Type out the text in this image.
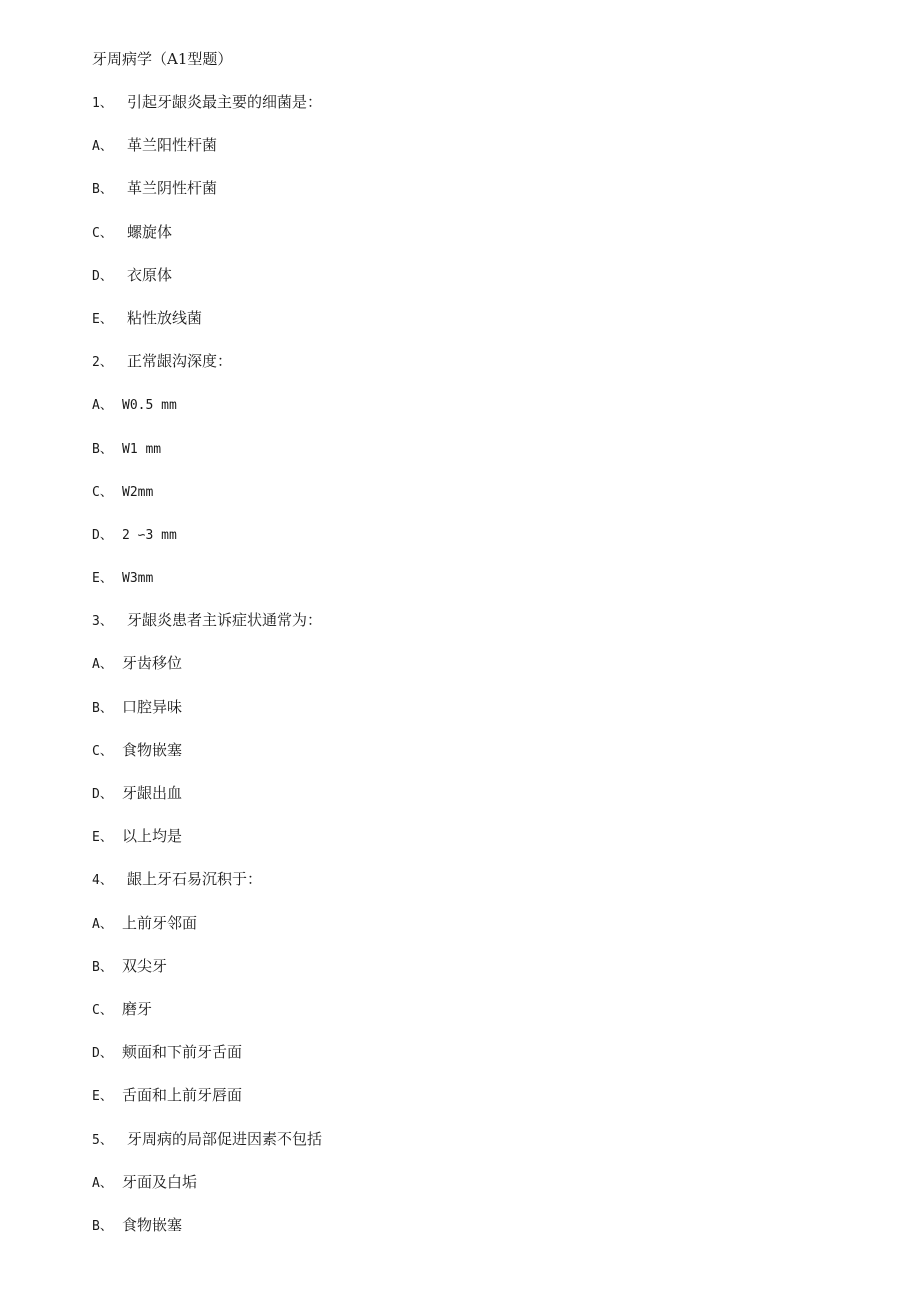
牙周病学（A1型题）
1、 引起牙龈炎最主要的细菌是：
A、 革兰阳性杆菌
B、 革兰阴性杆菌
C、 螺旋体
D、 衣原体
E、 粘性放线菌
2、 正常龈沟深度：
A、 W0.5 mm
B、 W1 mm
C、 W2mm
D、 2 ∽3 mm
E、 W3mm
3、 牙龈炎患者主诉症状通常为：
A、 牙齿移位
B、 口腔异味
C、 食物嵌塞
D、 牙龈出血
E、 以上均是
4、 龈上牙石易沉积于：
A、 上前牙邻面
B、 双尖牙
C、 磨牙
D、 颊面和下前牙舌面
E、 舌面和上前牙唇面
5、 牙周病的局部促进因素不包括
A、 牙面及白垢
B、 食物嵌塞
